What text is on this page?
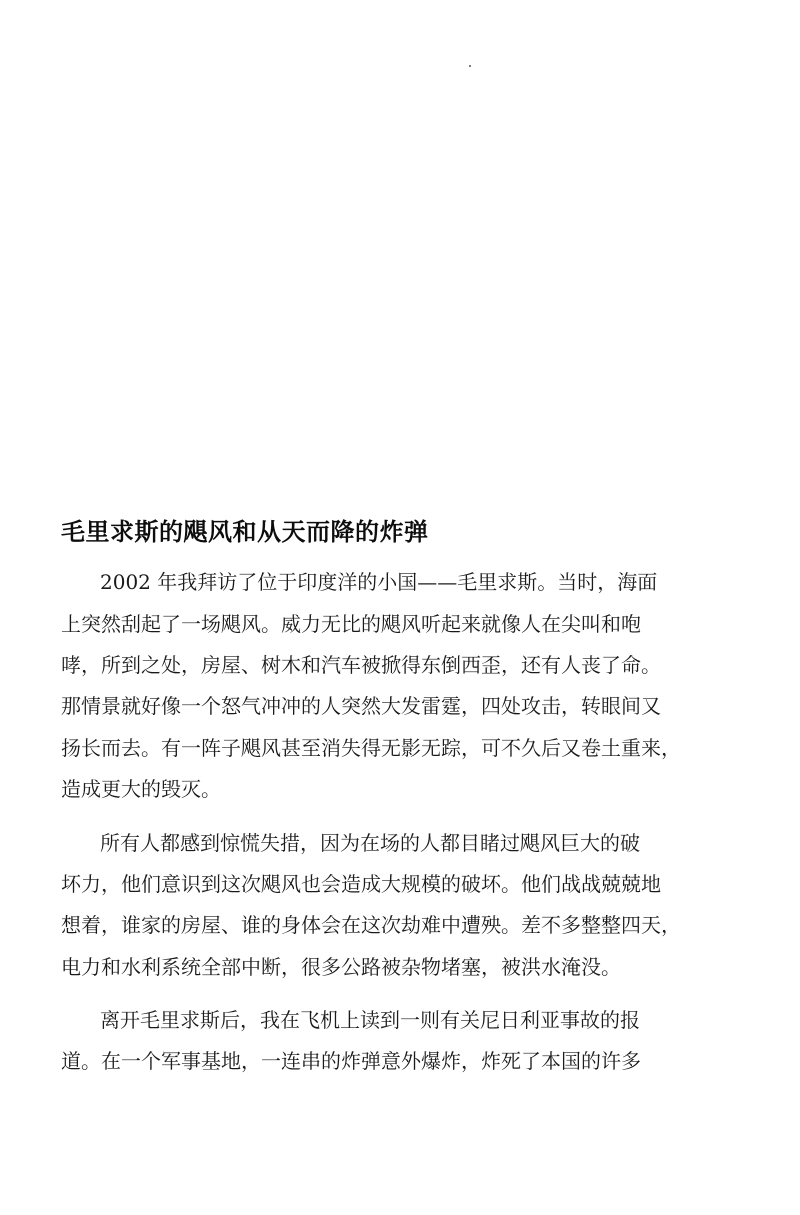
毛里求斯的飓风和从天而降的炸弹

2002 年我拜访了位于印度洋的小国——毛里求斯。当时，海面

上突然刮起了一场飓风。威力无比的飓风听起来就像人在尖叫和咆

哮，所到之处，房屋、树木和汽车被掀得东倒西歪，还有人丧了命。

那情景就好像一个怒气冲冲的人突然大发雷霆，四处攻击，转眼间又

扬长而去。有一阵子飓风甚至消失得无影无踪，可不久后又卷土重来，

造成更大的毁灭。

所有人都感到惊慌失措，因为在场的人都目睹过飓风巨大的破

坏力，他们意识到这次飓风也会造成大规模的破坏。他们战战兢兢地

想着，谁家的房屋、谁的身体会在这次劫难中遭殃。差不多整整四天，

电力和水利系统全部中断，很多公路被杂物堵塞，被洪水淹没。

离开毛里求斯后，我在飞机上读到一则有关尼日利亚事故的报

道。在一个军事基地，一连串的炸弹意外爆炸，炸死了本国的许多
